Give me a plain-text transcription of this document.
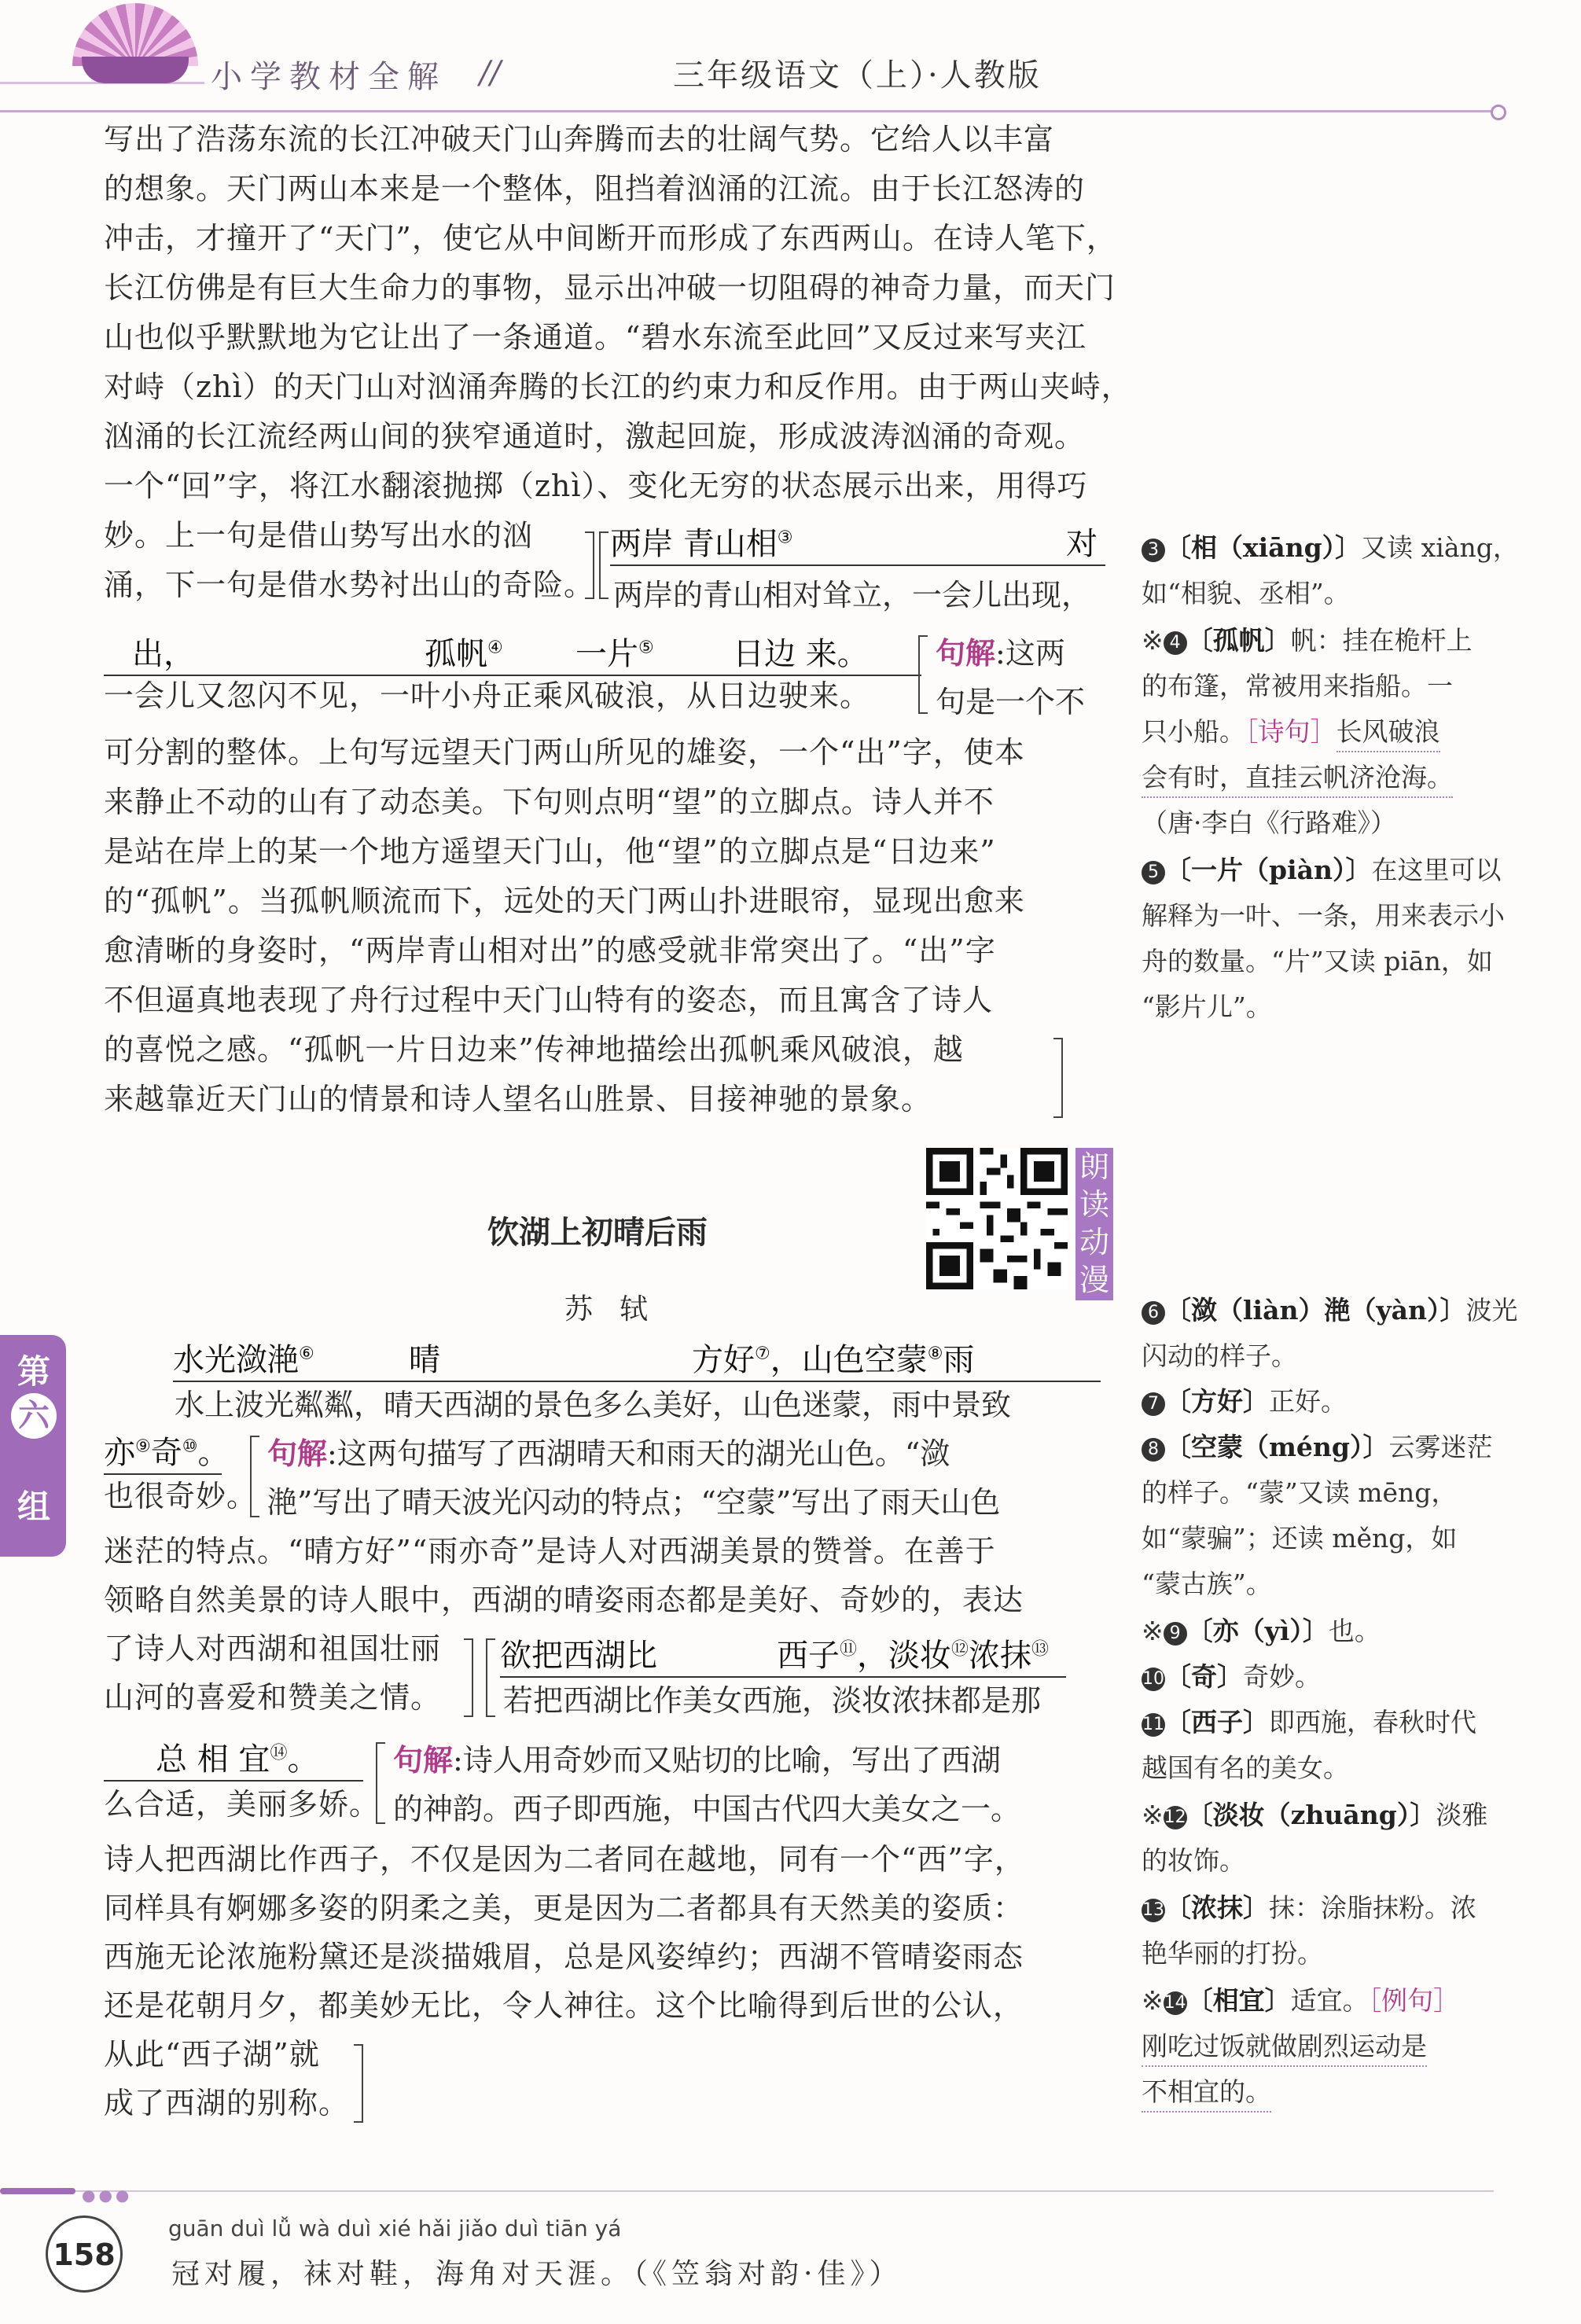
小学教材全解 //	三年级语文（上）·人教版
写出了浩荡东流的长江冲破天门山奔腾而去的壮阔气势。它给人以丰富
的想象。天门两山本来是一个整体，阻挡着汹涌的江流。由于长江怒涛的
冲击，才撞开了“天门”，使它从中间断开而形成了东西两山。在诗人笔下，
长江仿佛是有巨大生命力的事物，显示出冲破一切阻碍的神奇力量，而天门
山也似乎默默地为它让出了一条通道。“碧水东流至此回”又反过来写夹江
对峙（zhì）的天门山对汹涌奔腾的长江的约束力和反作用。由于两山夹峙，
汹涌的长江流经两山间的狭窄通道时，激起回旋，形成波涛汹涌的奇观。
一个“回”字，将江水翻滚抛掷（zhì）、变化无穷的状态展示出来，用得巧
妙。上一句是借山势写出水的汹
涌，下一句是借水势衬出山的奇险。
两岸 青山相③	对
两岸的青山相对耸立，一会儿出现，
出，	孤帆④ 一片⑤	日边 来。

一会儿又忽闪不见，一叶小舟正乘风破浪，从日边驶来。
句解:这两
句是一个不
可分割的整体。上句写远望天门两山所见的雄姿，一个“出”字，使本
来静止不动的山有了动态美。下句则点明“望”的立脚点。诗人并不
是站在岸上的某一个地方遥望天门山，他“望”的立脚点是“日边来”
的“孤帆”。当孤帆顺流而下，远处的天门两山扑进眼帘，显现出愈来
愈清晰的身姿时，“两岸青山相对出”的感受就非常突出了。“出”字
不但逼真地表现了舟行过程中天门山特有的姿态，而且寓含了诗人
的喜悦之感。“孤帆一片日边来”传神地描绘出孤帆乘风破浪，越
来越靠近天门山的情景和诗人望名山胜景、目接神驰的景象。
朗
读
动
漫
饮湖上初晴后雨
苏轼
水光潋滟⑥	晴	方好⑦，山色空蒙⑧雨
水上波光粼粼，晴天西湖的景色多么美好，山色迷蒙，雨中景致
亦⑨奇⑩。
也很奇妙。
句解:这两句描写了西湖晴天和雨天的湖光山色。“潋
滟”写出了晴天波光闪动的特点；“空蒙”写出了雨天山色
迷茫的特点。“晴方好”“雨亦奇”是诗人对西湖美景的赞誉。在善于
领略自然美景的诗人眼中，西湖的晴姿雨态都是美好、奇妙的，表达
了诗人对西湖和祖国壮丽
山河的喜爱和赞美之情。
欲把西湖比	西子⑪，淡妆⑫浓抹⑬
若把西湖比作美女西施，淡妆浓抹都是那
总 相 宜⑭。
么合适，美丽多娇。
句解:诗人用奇妙而又贴切的比喻，写出了西湖
的神韵。西子即西施，中国古代四大美女之一。
诗人把西湖比作西子，不仅是因为二者同在越地，同有一个“西”字，
同样具有婀娜多姿的阴柔之美，更是因为二者都具有天然美的姿质：
西施无论浓施粉黛还是淡描娥眉，总是风姿绰约；西湖不管晴姿雨态
还是花朝月夕，都美妙无比，令人神往。这个比喻得到后世的公认，
从此“西子湖”就
成了西湖的别称。
3 〔相（xiāng）〕又读 xiàng，
如“相貌、丞相”。
※ 4 〔孤帆〕帆：挂在桅杆上
的布篷，常被用来指船。一
只小船。［诗句］长风破浪
会有时，直挂云帆济沧海。
（唐·李白《行路难》）
5 〔一片（piàn）〕在这里可以
解释为一叶、一条，用来表示小
舟的数量。“片”又读 piān，如
“影片儿”。
6 〔潋（liàn）滟（yàn）〕波光
闪动的样子。
7 〔方好〕正好。
8 〔空蒙（méng）〕云雾迷茫
的样子。“蒙”又读 mēng，
如“蒙骗”；还读 měng，如
“蒙古族”。
※ 9 〔亦（yì）〕也。
10〔奇〕奇妙。
11〔西子〕即西施，春秋时代
越国有名的美女。
※12〔淡妆（zhuāng）〕淡雅
的妆饰。
13〔浓抹〕抹：涂脂抹粉。浓
艳华丽的打扮。
※14〔相宜〕适宜。［例句］
刚吃过饭就做剧烈运动是
不相宜的。
第
六
组
●●●
158
guān duì lǚ wà duì xié hǎi jiǎo duì tiān yá
冠对履，袜对鞋，海角对天涯。（《笠翁对韵·佳》）
